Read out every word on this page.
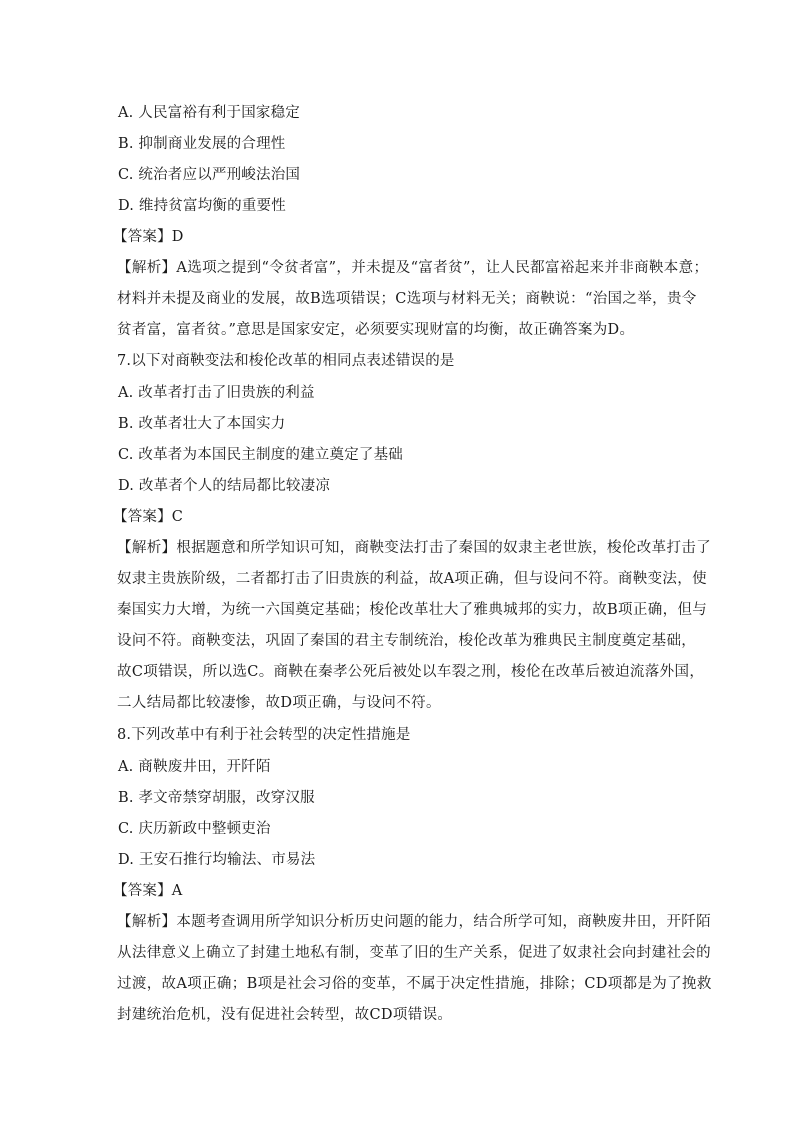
A. 人民富裕有利于国家稳定
B. 抑制商业发展的合理性
C. 统治者应以严刑峻法治国
D. 维持贫富均衡的重要性
【答案】D
【解析】A选项之提到“令贫者富”，并未提及“富者贫”，让人民都富裕起来并非商鞅本意；
材料并未提及商业的发展，故B选项错误；C选项与材料无关；商鞅说：“治国之举，贵令
贫者富，富者贫。”意思是国家安定，必须要实现财富的均衡，故正确答案为D。
7.以下对商鞅变法和梭伦改革的相同点表述错误的是
A. 改革者打击了旧贵族的利益
B. 改革者壮大了本国实力
C. 改革者为本国民主制度的建立奠定了基础
D. 改革者个人的结局都比较凄凉
【答案】C
【解析】根据题意和所学知识可知，商鞅变法打击了秦国的奴隶主老世族，梭伦改革打击了
奴隶主贵族阶级，二者都打击了旧贵族的利益，故A项正确，但与设问不符。商鞅变法，使
秦国实力大增，为统一六国奠定基础；梭伦改革壮大了雅典城邦的实力，故B项正确，但与
设问不符。商鞅变法，巩固了秦国的君主专制统治，梭伦改革为雅典民主制度奠定基础，
故C项错误，所以选C。商鞅在秦孝公死后被处以车裂之刑，梭伦在改革后被迫流落外国，
二人结局都比较凄惨，故D项正确，与设问不符。
8.下列改革中有利于社会转型的决定性措施是
A. 商鞅废井田，开阡陌
B. 孝文帝禁穿胡服，改穿汉服
C. 庆历新政中整顿吏治
D. 王安石推行均输法、市易法
【答案】A
【解析】本题考查调用所学知识分析历史问题的能力，结合所学可知，商鞅废井田，开阡陌
从法律意义上确立了封建土地私有制，变革了旧的生产关系，促进了奴隶社会向封建社会的
过渡，故A项正确；B项是社会习俗的变革，不属于决定性措施，排除；CD项都是为了挽救
封建统治危机，没有促进社会转型，故CD项错误。
